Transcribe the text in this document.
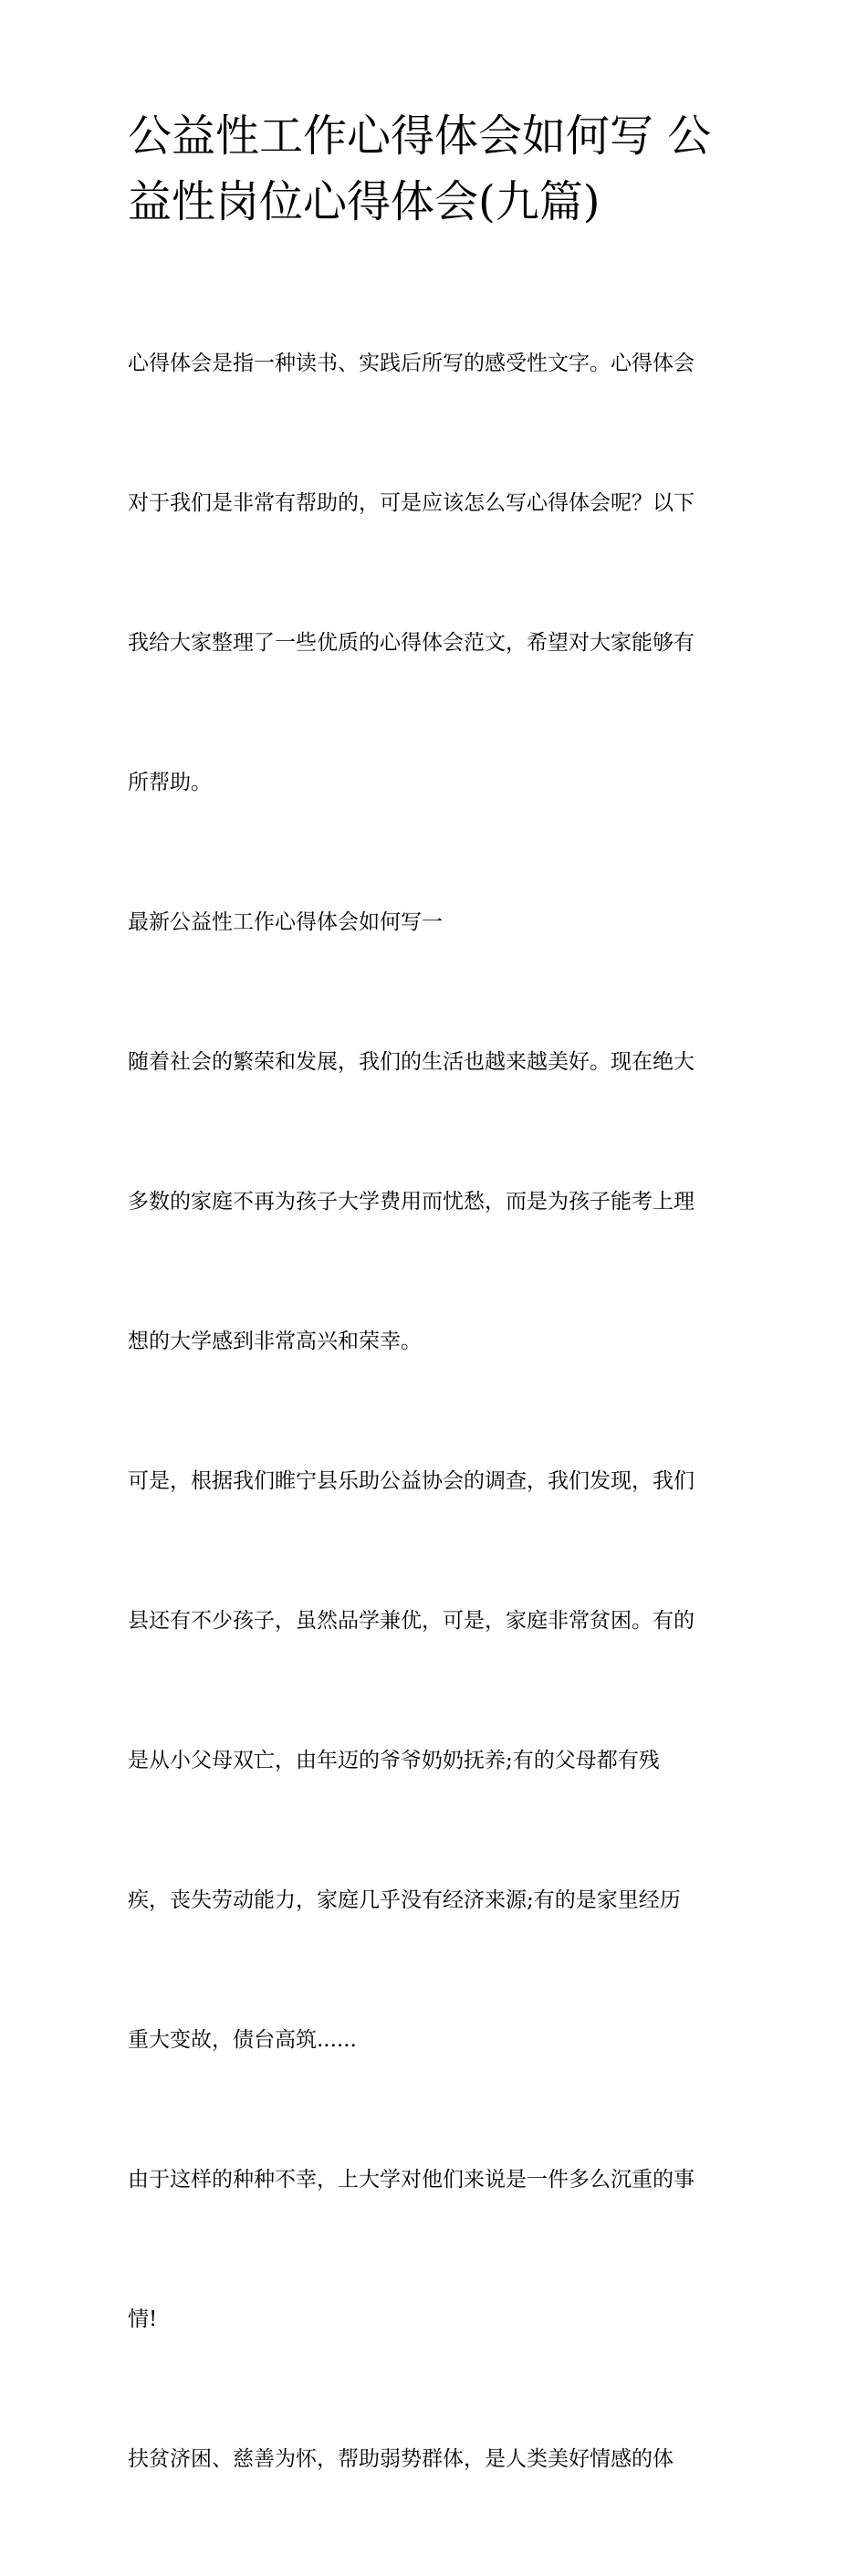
公益性工作心得体会如何写 公
益性岗位心得体会(九篇)

心得体会是指一种读书、实践后所写的感受性文字。心得体会

对于我们是非常有帮助的，可是应该怎么写心得体会呢？以下

我给大家整理了一些优质的心得体会范文，希望对大家能够有

所帮助。

最新公益性工作心得体会如何写一

随着社会的繁荣和发展，我们的生活也越来越美好。现在绝大

多数的家庭不再为孩子大学费用而忧愁，而是为孩子能考上理

想的大学感到非常高兴和荣幸。

可是，根据我们睢宁县乐助公益协会的调查，我们发现，我们

县还有不少孩子，虽然品学兼优，可是，家庭非常贫困。有的

是从小父母双亡，由年迈的爷爷奶奶抚养;有的父母都有残

疾，丧失劳动能力，家庭几乎没有经济来源;有的是家里经历

重大变故，债台高筑......

由于这样的种种不幸，上大学对他们来说是一件多么沉重的事

情!

扶贫济困、慈善为怀，帮助弱势群体，是人类美好情感的体
